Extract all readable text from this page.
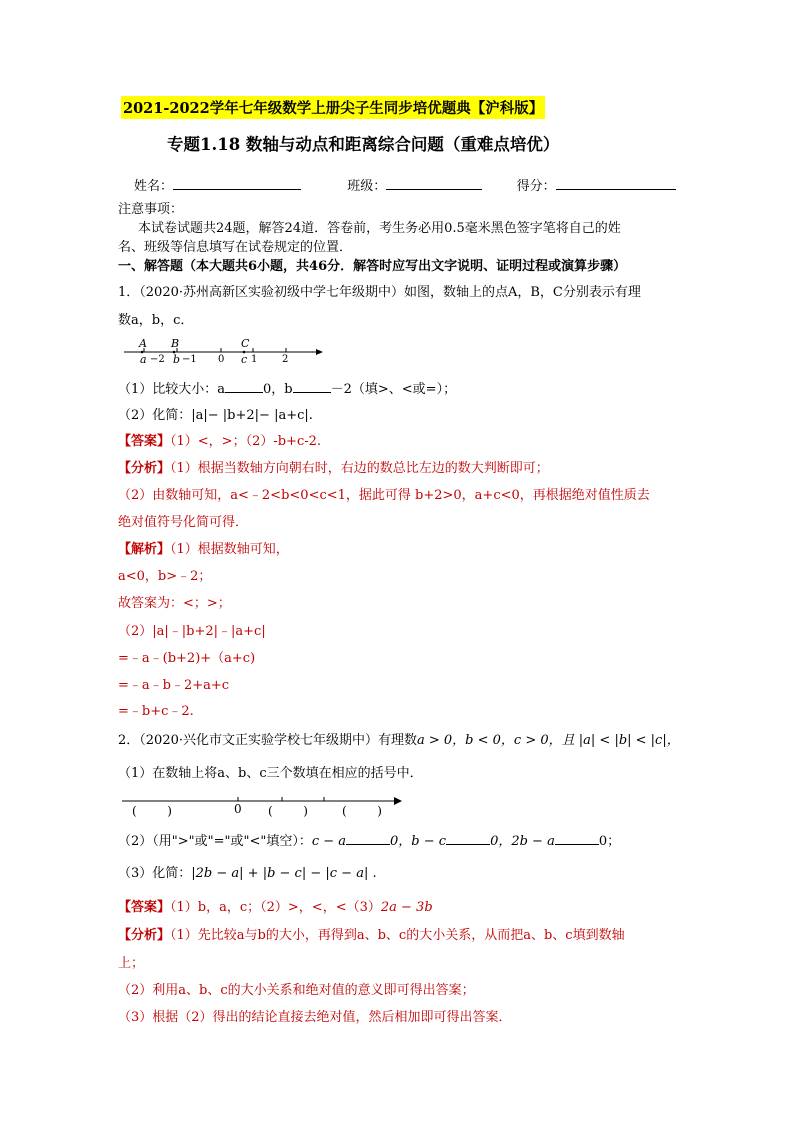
2021-2022学年七年级数学上册尖子生同步培优题典【沪科版】
专题1.18 数轴与动点和距离综合问题（重难点培优）
姓名：	班级：	得分：
注意事项：
本试卷试题共24题，解答24道．答卷前，考生务必用0.5毫米黑色签字笔将自己的姓
名、班级等信息填写在试卷规定的位置．
一、解答题（本大题共6小题，共46分．解答时应写出文字说明、证明过程或演算步骤）
1．（2020·苏州高新区实验初级中学七年级期中）如图，数轴上的点A，B，C分别表示有理
数a，b，c．
A B	C
a −2 b −1 0 c 1 2
（1）比较大小：a	0，b	－2（填>、<或=）；
（2）化简：|a|− |b+2|− |a+c|.
【答案】（1）<，>；（2）-b+c-2.
【分析】（1）根据当数轴方向朝右时，右边的数总比左边的数大判断即可；
（2）由数轴可知，a<﹣2<b<0<c<1，据此可得 b+2>0，a+c<0，再根据绝对值性质去
绝对值符号化简可得．
【解析】（1）根据数轴可知，
a<0，b>﹣2；
故答案为：<；>；
（2）|a|﹣|b+2|﹣|a+c|
=﹣a﹣(b+2)+（a+c)
=﹣a﹣b﹣2+a+c
=﹣b+c﹣2.
2．（2020·兴化市文正实验学校七年级期中）有理数a > 0，b < 0，c > 0，且 |a| < |b| < |c|，
（1）在数轴上将a、b、c三个数填在相应的括号中．
0
(        )	(        )	(        )
（2）（用">"或"="或"<"填空）：c − a	0，b − c	0，2b − a	0；
（3）化简：|2b − a| + |b − c| − |c − a| .
【答案】（1）b，a，c；（2）>，<，<（3）2a − 3b
【分析】（1）先比较a与b的大小，再得到a、b、c的大小关系，从而把a、b、c填到数轴
上；
（2）利用a、b、c的大小关系和绝对值的意义即可得出答案；
（3）根据（2）得出的结论直接去绝对值，然后相加即可得出答案．
